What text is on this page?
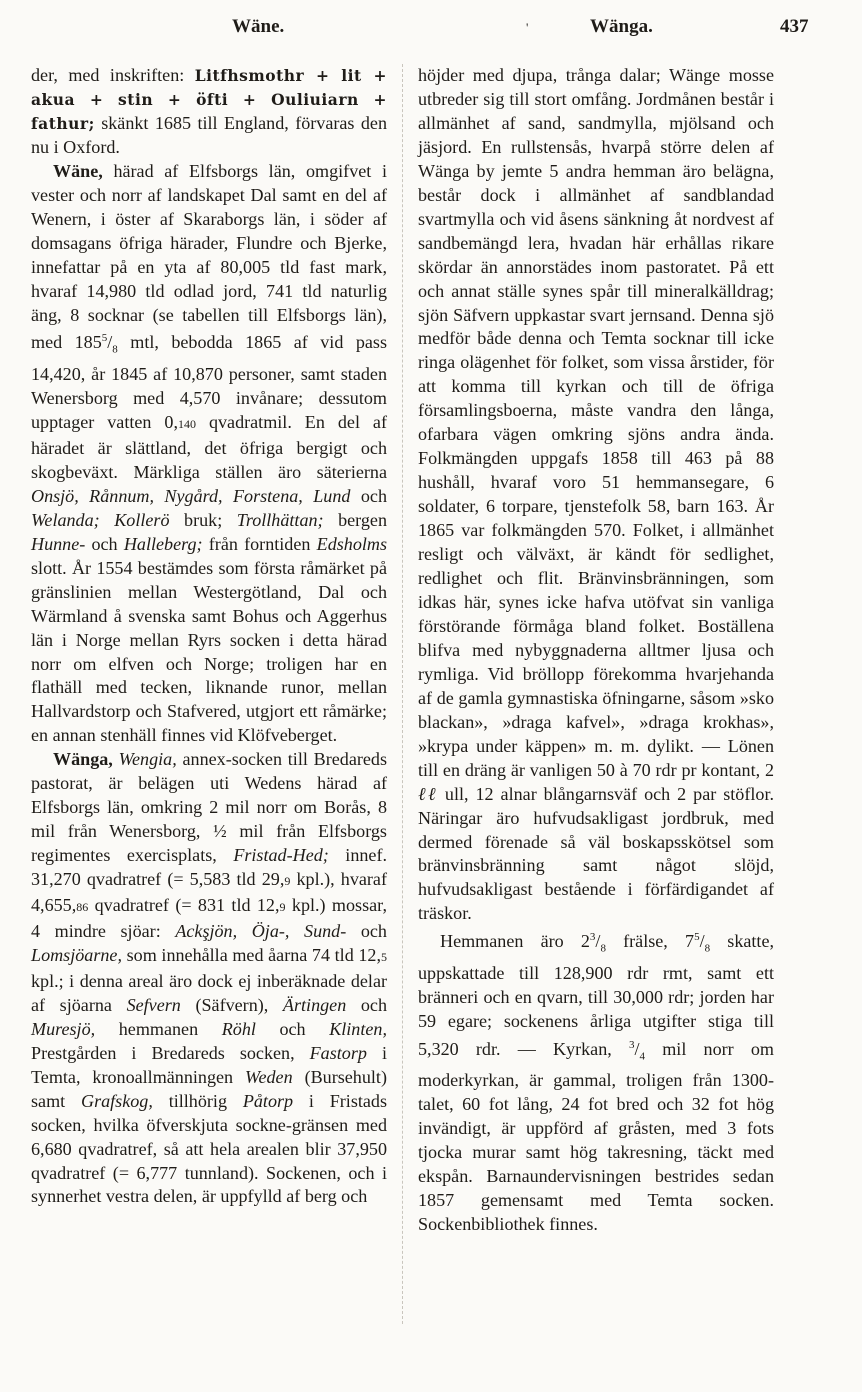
Wäne.	'	Wänga.	437

der, med inskriften: Litfhsmothr + lit + akua + stin + öfti + Ouliuiarn + fathur; skänkt 1685 till England, förvaras den nu i Oxford.

Wäne, härad af Elfsborgs län, omgifvet i vester och norr af landskapet Dal samt en del af Wenern, i öster af Skaraborgs län, i söder af domsagans öfriga härader, Flundre och Bjerke, innefattar på en yta af 80,005 tld fast mark, hvaraf 14,980 tld odlad jord, 741 tld naturlig äng, 8 socknar (se tabellen till Elfsborgs län), med $185^5/_8$ mtl, bebodda 1865 af vid pass 14,420, år 1845 af 10,870 personer, samt staden Wenersborg med 4,570 invånare; dessutom upptager vatten 0,140 qvadratmil. En del af häradet är slättland, det öfriga bergigt och skogbeväxt. Märkliga ställen äro säterierna Onsjö, Rånnum, Nygård, Forstena, Lund och Welanda; Kollerö bruk; Trollhättan; bergen Hunne- och Halleberg; från forntiden Edsholms slott. År 1554 bestämdes som första råmärket på gränslinien mellan Westergötland, Dal och Wärmland å svenska samt Bohus och Aggerhus län i Norge mellan Ryrs socken i detta härad norr om elfven och Norge; troligen har en flathäll med tecken, liknande runor, mellan Hallvardstorp och Stafvered, utgjort ett råmärke; en annan stenhäll finnes vid Klöfveberget.

Wänga, Wengia, annex-socken till Bredareds pastorat, är belägen uti Wedens härad af Elfsborgs län, omkring 2 mil norr om Borås, 8 mil från Wenersborg, ½ mil från Elfsborgs regimentes exercisplats, Fristad-Hed; innef. 31,270 qvadratref (= 5,583 tld 29,9 kpl.), hvaraf 4,655,86 qvadratref (= 831 tld 12,9 kpl.) mossar, 4 mindre sjöar: Ackşjön, Öja-, Sund- och Lomsjöarne, som innehålla med åarna 74 tld 12,5 kpl.; i denna areal äro dock ej inberäknade delar af sjöarna Sefvern (Säfvern), Ärtingen och Muresjö, hemmanen Röhl och Klinten, Prestgården i Bredareds socken, Fastorp i Temta, kronoallmänningen Weden (Bursehult) samt Grafskog, tillhörig Påtorp i Fristads socken, hvilka öfverskjuta sockne-gränsen med 6,680 qvadratref, så att hela arealen blir 37,950 qvadratref (= 6,777 tunnland). Sockenen, och i synnerhet vestra delen, är uppfylld af berg och

höjder med djupa, trånga dalar; Wänge mosse utbreder sig till stort omfång. Jordmånen består i allmänhet af sand, sandmylla, mjölsand och jäsjord. En rullstensås, hvarpå större delen af Wänga by jemte 5 andra hemman äro belägna, består dock i allmänhet af sandblandad svartmylla och vid åsens sänkning åt nordvest af sandbemängd lera, hvadan här erhållas rikare skördar än annorstädes inom pastoratet. På ett och annat ställe synes spår till mineralkälldrag; sjön Säfvern uppkastar svart jernsand. Denna sjö medför både denna och Temta socknar till icke ringa olägenhet för folket, som vissa årstider, för att komma till kyrkan och till de öfriga församlingsboerna, måste vandra den långa, ofarbara vägen omkring sjöns andra ända. Folkmängden uppgafs 1858 till 463 på 88 hushåll, hvaraf voro 51 hemmansegare, 6 soldater, 6 torpare, tjenstefolk 58, barn 163. År 1865 var folkmängden 570. Folket, i allmänhet resligt och välväxt, är kändt för sedlighet, redlighet och flit. Bränvinsbränningen, som idkas här, synes icke hafva utöfvat sin vanliga förstörande förmåga bland folket. Boställena blifva med nybyggnaderna alltmer ljusa och rymliga. Vid bröllopp förekomma hvarjehanda af de gamla gymnastiska öfningarne, såsom »sko blackan», »draga kafvel», »draga krokhas», »krypa under käppen» m. m. dylikt. — Lönen till en dräng är vanligen 50 à 70 rdr pr kontant, 2 ℓℓ ull, 12 alnar blångarnsväf och 2 par stöflor. Näringar äro hufvudsakligast jordbruk, med dermed förenade så väl boskapsskötsel som bränvinsbränning samt något slöjd, hufvudsakligast bestående i förfärdigandet af träskor.

Hemmanen äro $2^3/_8$ frälse, $7^5/_8$ skatte, uppskattade till 128,900 rdr rmt, samt ett bränneri och en qvarn, till 30,000 rdr; jorden har 59 egare; sockenens årliga utgifter stiga till 5,320 rdr. — Kyrkan, $^3/_4$ mil norr om moderkyrkan, är gammal, troligen från 1300-talet, 60 fot lång, 24 fot bred och 32 fot hög invändigt, är uppförd af gråsten, med 3 fots tjocka murar samt hög takresning, täckt med ekspån. Barnaundervisningen bestrides sedan 1857 gemensamt med Temta socken. Sockenbibliothek finnes.
